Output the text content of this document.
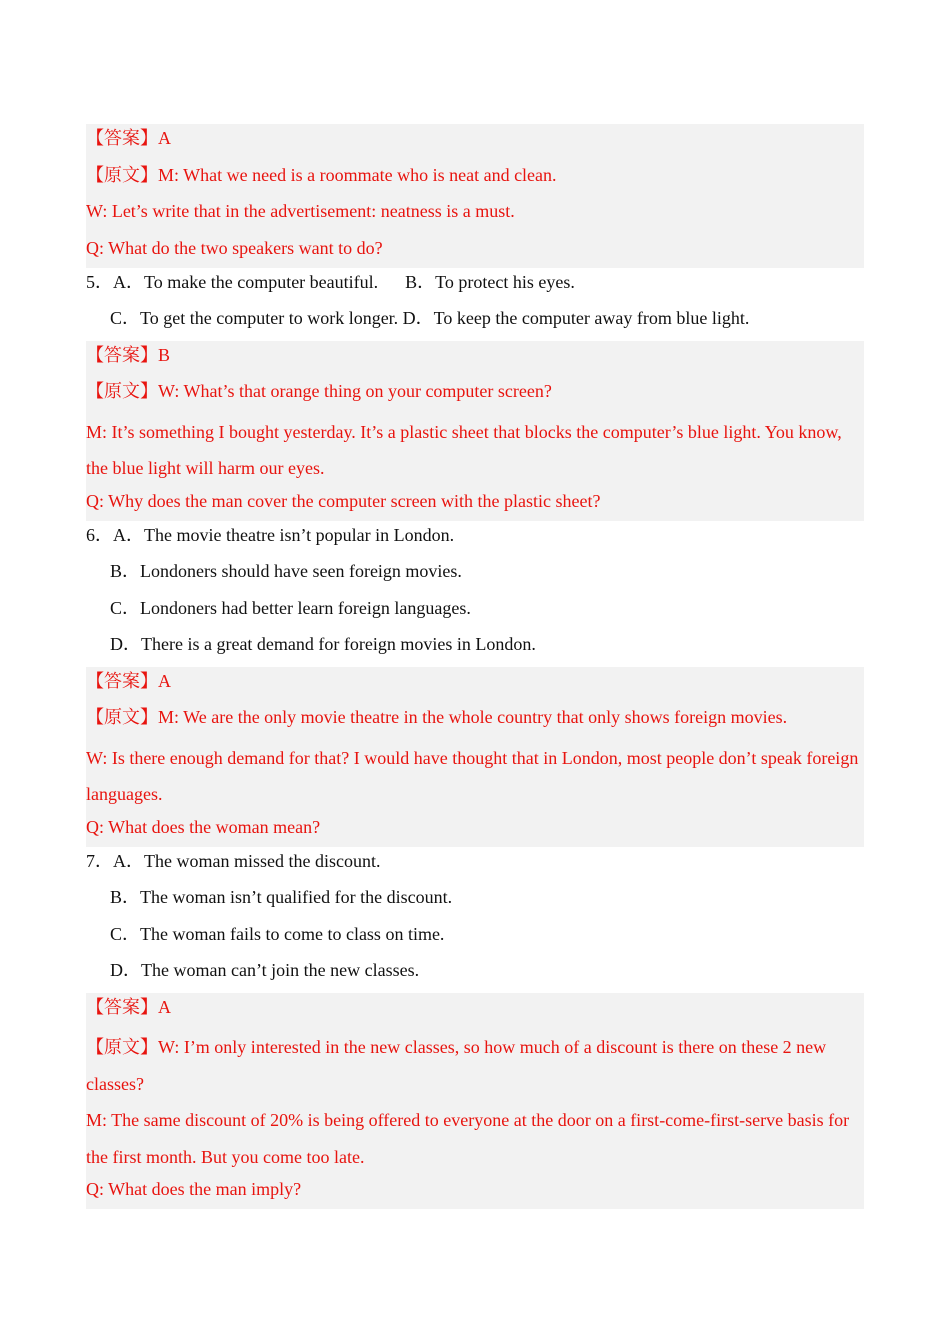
【答案】A
【原文】M: What we need is a roommate who is neat and clean.
W: Let’s write that in the advertisement: neatness is a must.
Q: What do the two speakers want to do?
5．A．To make the computer beautiful.      B．To protect his eyes.
C．To get the computer to work longer. D．To keep the computer away from blue light.
【答案】B
【原文】W: What’s that orange thing on your computer screen?
M: It’s something I bought yesterday. It’s a plastic sheet that blocks the computer’s blue light. You know, the blue light will harm our eyes.
Q: Why does the man cover the computer screen with the plastic sheet?
6．A．The movie theatre isn’t popular in London.
B．Londoners should have seen foreign movies.
C．Londoners had better learn foreign languages.
D．There is a great demand for foreign movies in London.
【答案】A
【原文】M: We are the only movie theatre in the whole country that only shows foreign movies.
W: Is there enough demand for that? I would have thought that in London, most people don’t speak foreign languages.
Q: What does the woman mean?
7．A．The woman missed the discount.
B．The woman isn’t qualified for the discount.
C．The woman fails to come to class on time.
D．The woman can’t join the new classes.
【答案】A
【原文】W: I’m only interested in the new classes, so how much of a discount is there on these 2 new classes?
M: The same discount of 20% is being offered to everyone at the door on a first-come-first-serve basis for the first month. But you come too late.
Q: What does the man imply?
